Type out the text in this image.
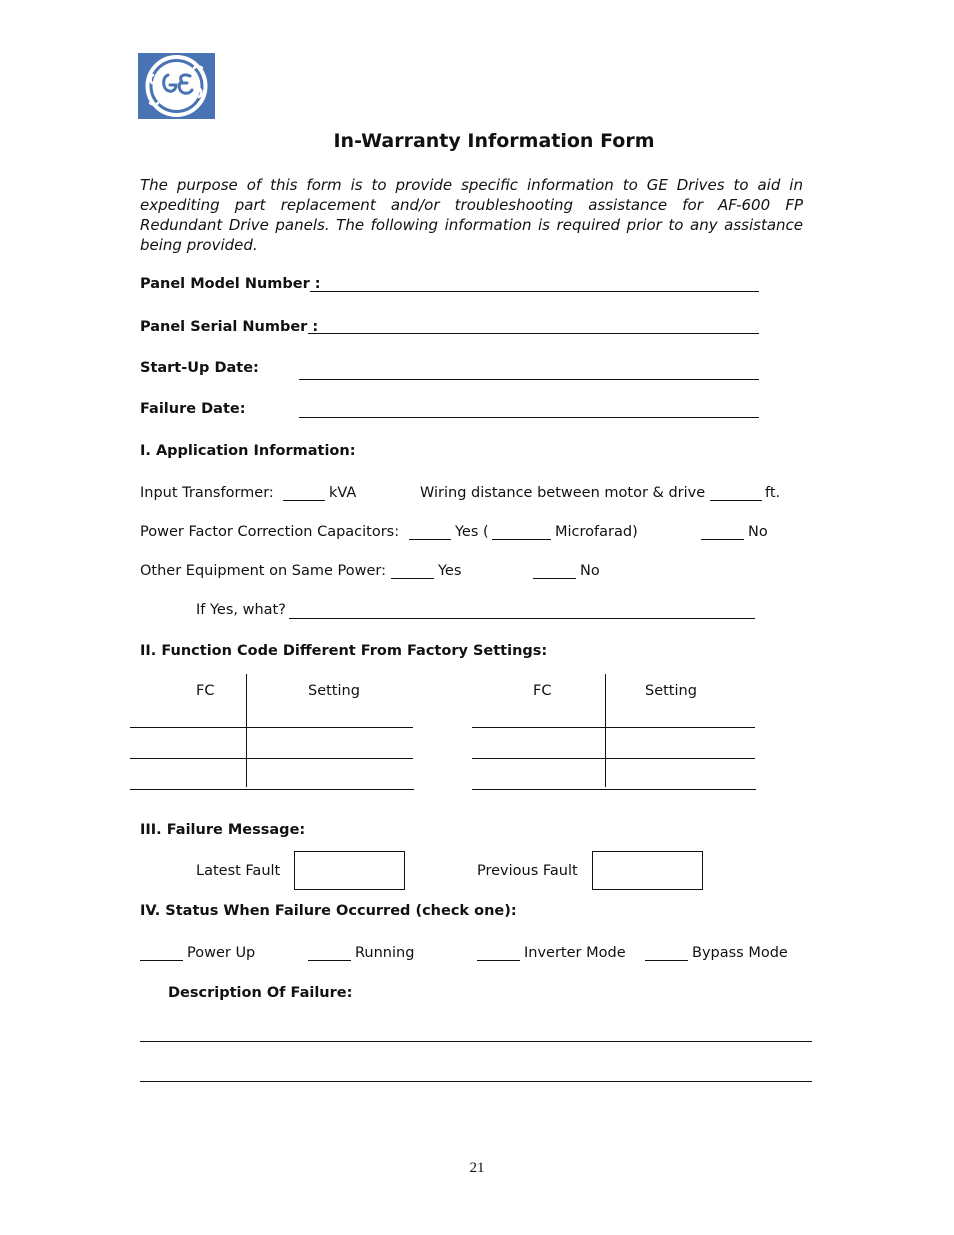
In-Warranty Information Form
The purpose of this form is to provide specific information to GE Drives to aid in expediting part replacement and/or troubleshooting assistance for AF-600 FP Redundant Drive panels. The following information is required prior to any assistance being provided.
Panel Model Number :
Panel Serial Number :
Start-Up Date:
Failure Date:
I. Application Information:
Input Transformer:	kVA	Wiring distance between motor & drive	ft.
Power Factor Correction Capacitors:	Yes (	Microfarad)	No
Other Equipment on Same Power:	Yes	No
If Yes, what?
II. Function Code Different From Factory Settings:
FC	Setting	FC	Setting
III. Failure Message:
Latest Fault	Previous Fault
IV. Status When Failure Occurred (check one):
Power Up	Running	Inverter Mode	Bypass Mode
Description Of Failure:
21
